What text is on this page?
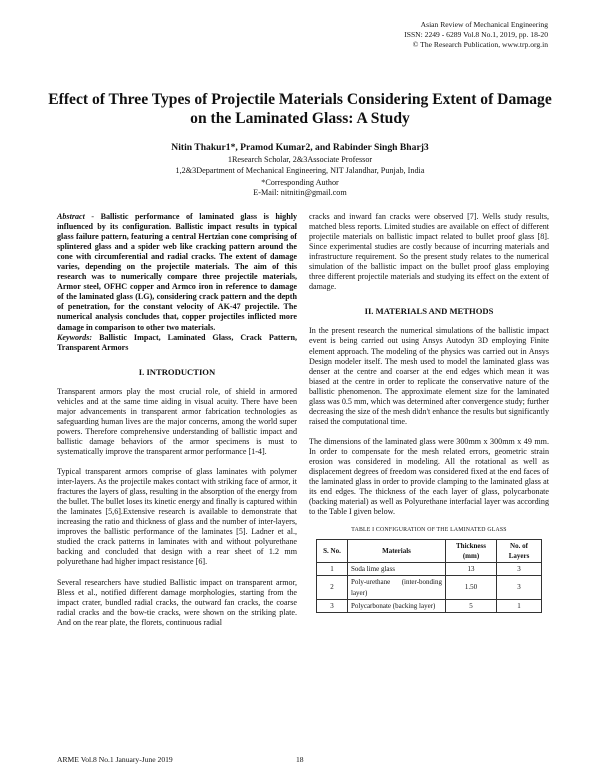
Asian Review of Mechanical Engineering
ISSN: 2249 - 6289 Vol.8 No.1, 2019, pp. 18-20
© The Research Publication, www.trp.org.in
Effect of Three Types of Projectile Materials Considering Extent of Damage on the Laminated Glass: A Study
Nitin Thakur1*, Pramod Kumar2, and Rabinder Singh Bharj3
1Research Scholar, 2&3Associate Professor
1,2&3Department of Mechanical Engineering, NIT Jalandhar, Punjab, India
*Corresponding Author
E-Mail: nitnitin@gmail.com

Abstract - Ballistic performance of laminated glass is highly influenced by its configuration. Ballistic impact results in typical glass failure pattern, featuring a central Hertzian cone comprising of splintered glass and a spider web like cracking pattern around the cone with circumferential and radial cracks. The extent of damage varies, depending on the projectile materials. The aim of this research was to numerically compare three projectile materials, Armor steel, OFHC copper and Armco iron in reference to damage of the laminated glass (LG), considering crack pattern and the depth of penetration, for the constant velocity of AK-47 projectile. The numerical analysis concludes that, copper projectiles inflicted more damage in comparison to other two materials.

Keywords: Ballistic Impact, Laminated Glass, Crack Pattern, Transparent Armors

I. INTRODUCTION

Transparent armors play the most crucial role, of shield in armored vehicles and at the same time aiding in visual acuity. There have been major advancements in transparent armor fabrication technologies as safeguarding human lives are the major concerns, among the world super powers. Therefore comprehensive understanding of ballistic impact and ballistic damage behaviors of the armor specimens is must to systematically improve the transparent armor performance [1-4].

Typical transparent armors comprise of glass laminates with polymer inter-layers. As the projectile makes contact with striking face of armor, it fractures the layers of glass, resulting in the absorption of the energy from the bullet. The bullet loses its kinetic energy and finally is captured within the laminates [5,6].Extensive research is available to demonstrate that increasing the ratio and thickness of glass and the number of inter-layers, improves the ballistic performance of the laminates [5]. Ladner et al., studied the crack patterns in laminates with and without polyurethane backing and concluded that design with a rear sheet of 1.2 mm polyurethane had higher impact resistance [6].

Several researchers have studied Ballistic impact on transparent armor, Bless et al., notified different damage morphologies, starting from the impact crater, bundled radial cracks, the outward fan cracks, the coarse radial cracks and the bow-tie cracks, were shown on the striking plate. And on the rear plate, the florets, continuous radial

cracks and inward fan cracks were observed [7]. Wells study results, matched bless reports. Limited studies are available on effect of different projectile materials on ballistic impact related to bullet proof glass [8]. Since experimental studies are costly because of incurring materials and infrastructure requirement. So the present study relates to the numerical simulation of the ballistic impact on the bullet proof glass employing three different projectile materials and studying its effect on the extent of damage.

II. MATERIALS AND METHODS

In the present research the numerical simulations of the ballistic impact event is being carried out using Ansys Autodyn 3D employing Finite element approach. The modeling of the physics was carried out in Ansys Design modeler itself. The mesh used to model the laminated glass was denser at the centre and coarser at the end edges which mean it was biased at the centre in order to replicate the conservative nature of the ballistic phenomenon. The approximate element size for the laminated glass was 0.5 mm, which was determined after convergence study; further decreasing the size of the mesh didn't enhance the results but significantly raised the computational time.

The dimensions of the laminated glass were 300mm x 300mm x 49 mm. In order to compensate for the mesh related errors, geometric strain erosion was considered in modeling. All the rotational as well as displacement degrees of freedom was considered fixed at the end faces of the laminated glass in order to provide clamping to the laminated glass at its end edges. The thickness of the each layer of glass, polycarbonate (backing material) as well as Polyurethane interfacial layer was according to the Table I given below.

TABLE I CONFIGURATION OF THE LAMINATED GLASS
S. No.	Materials	Thickness (mm)	No. of Layers
1	Soda lime glass	13	3
2	Poly-urethane (inter-bonding layer)	1.50	3
3	Polycarbonate (backing layer)	5	1
ARME Vol.8 No.1 January-June 2019	18
